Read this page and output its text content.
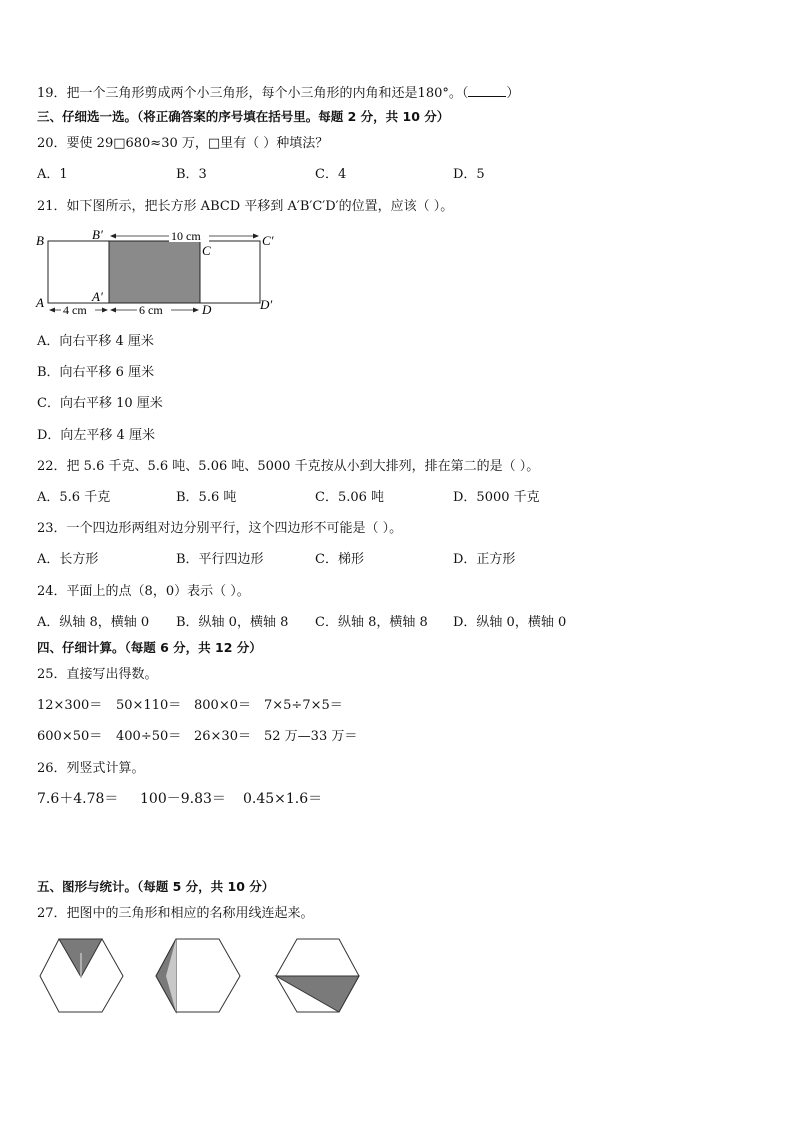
19．把一个三角形剪成两个小三角形，每个小三角形的内角和还是180°。（	）
三、仔细选一选。（将正确答案的序号填在括号里。每题 2 分，共 10 分）
20．要使 29□680≈30 万，□里有（ ）种填法？
A．1	B．3	C．4	D．5
21．如下图所示，把长方形 ABCD 平移到 A′B′C′D′的位置，应该（ ）。
B
A
B′
A′
C
D
C′
D′
10 cm
4 cm	6 cm
A．向右平移 4 厘米
B．向右平移 6 厘米
C．向右平移 10 厘米
D．向左平移 4 厘米
22．把 5.6 千克、5.6 吨、5.06 吨、5000 千克按从小到大排列，排在第二的是（ ）。
A．5.6 千克	B．5.6 吨	C．5.06 吨	D．5000 千克
23．一个四边形两组对边分别平行，这个四边形不可能是（ ）。
A．长方形	B．平行四边形	C．梯形	D．正方形
24．平面上的点（8，0）表示（ ）。
A．纵轴 8，横轴 0 B．纵轴 0，横轴 8 C．纵轴 8，横轴 8 D．纵轴 0，横轴 0
四、仔细计算。（每题 6 分，共 12 分）
25．直接写出得数。
12×300＝ 50×110＝ 800×0＝ 7×5÷7×5＝
600×50＝ 400÷50＝ 26×30＝ 52 万—33 万＝
26．列竖式计算。
7.6＋4.78＝ 100－9.83＝ 0.45×1.6＝
五、图形与统计。（每题 5 分，共 10 分）
27．把图中的三角形和相应的名称用线连起来。
